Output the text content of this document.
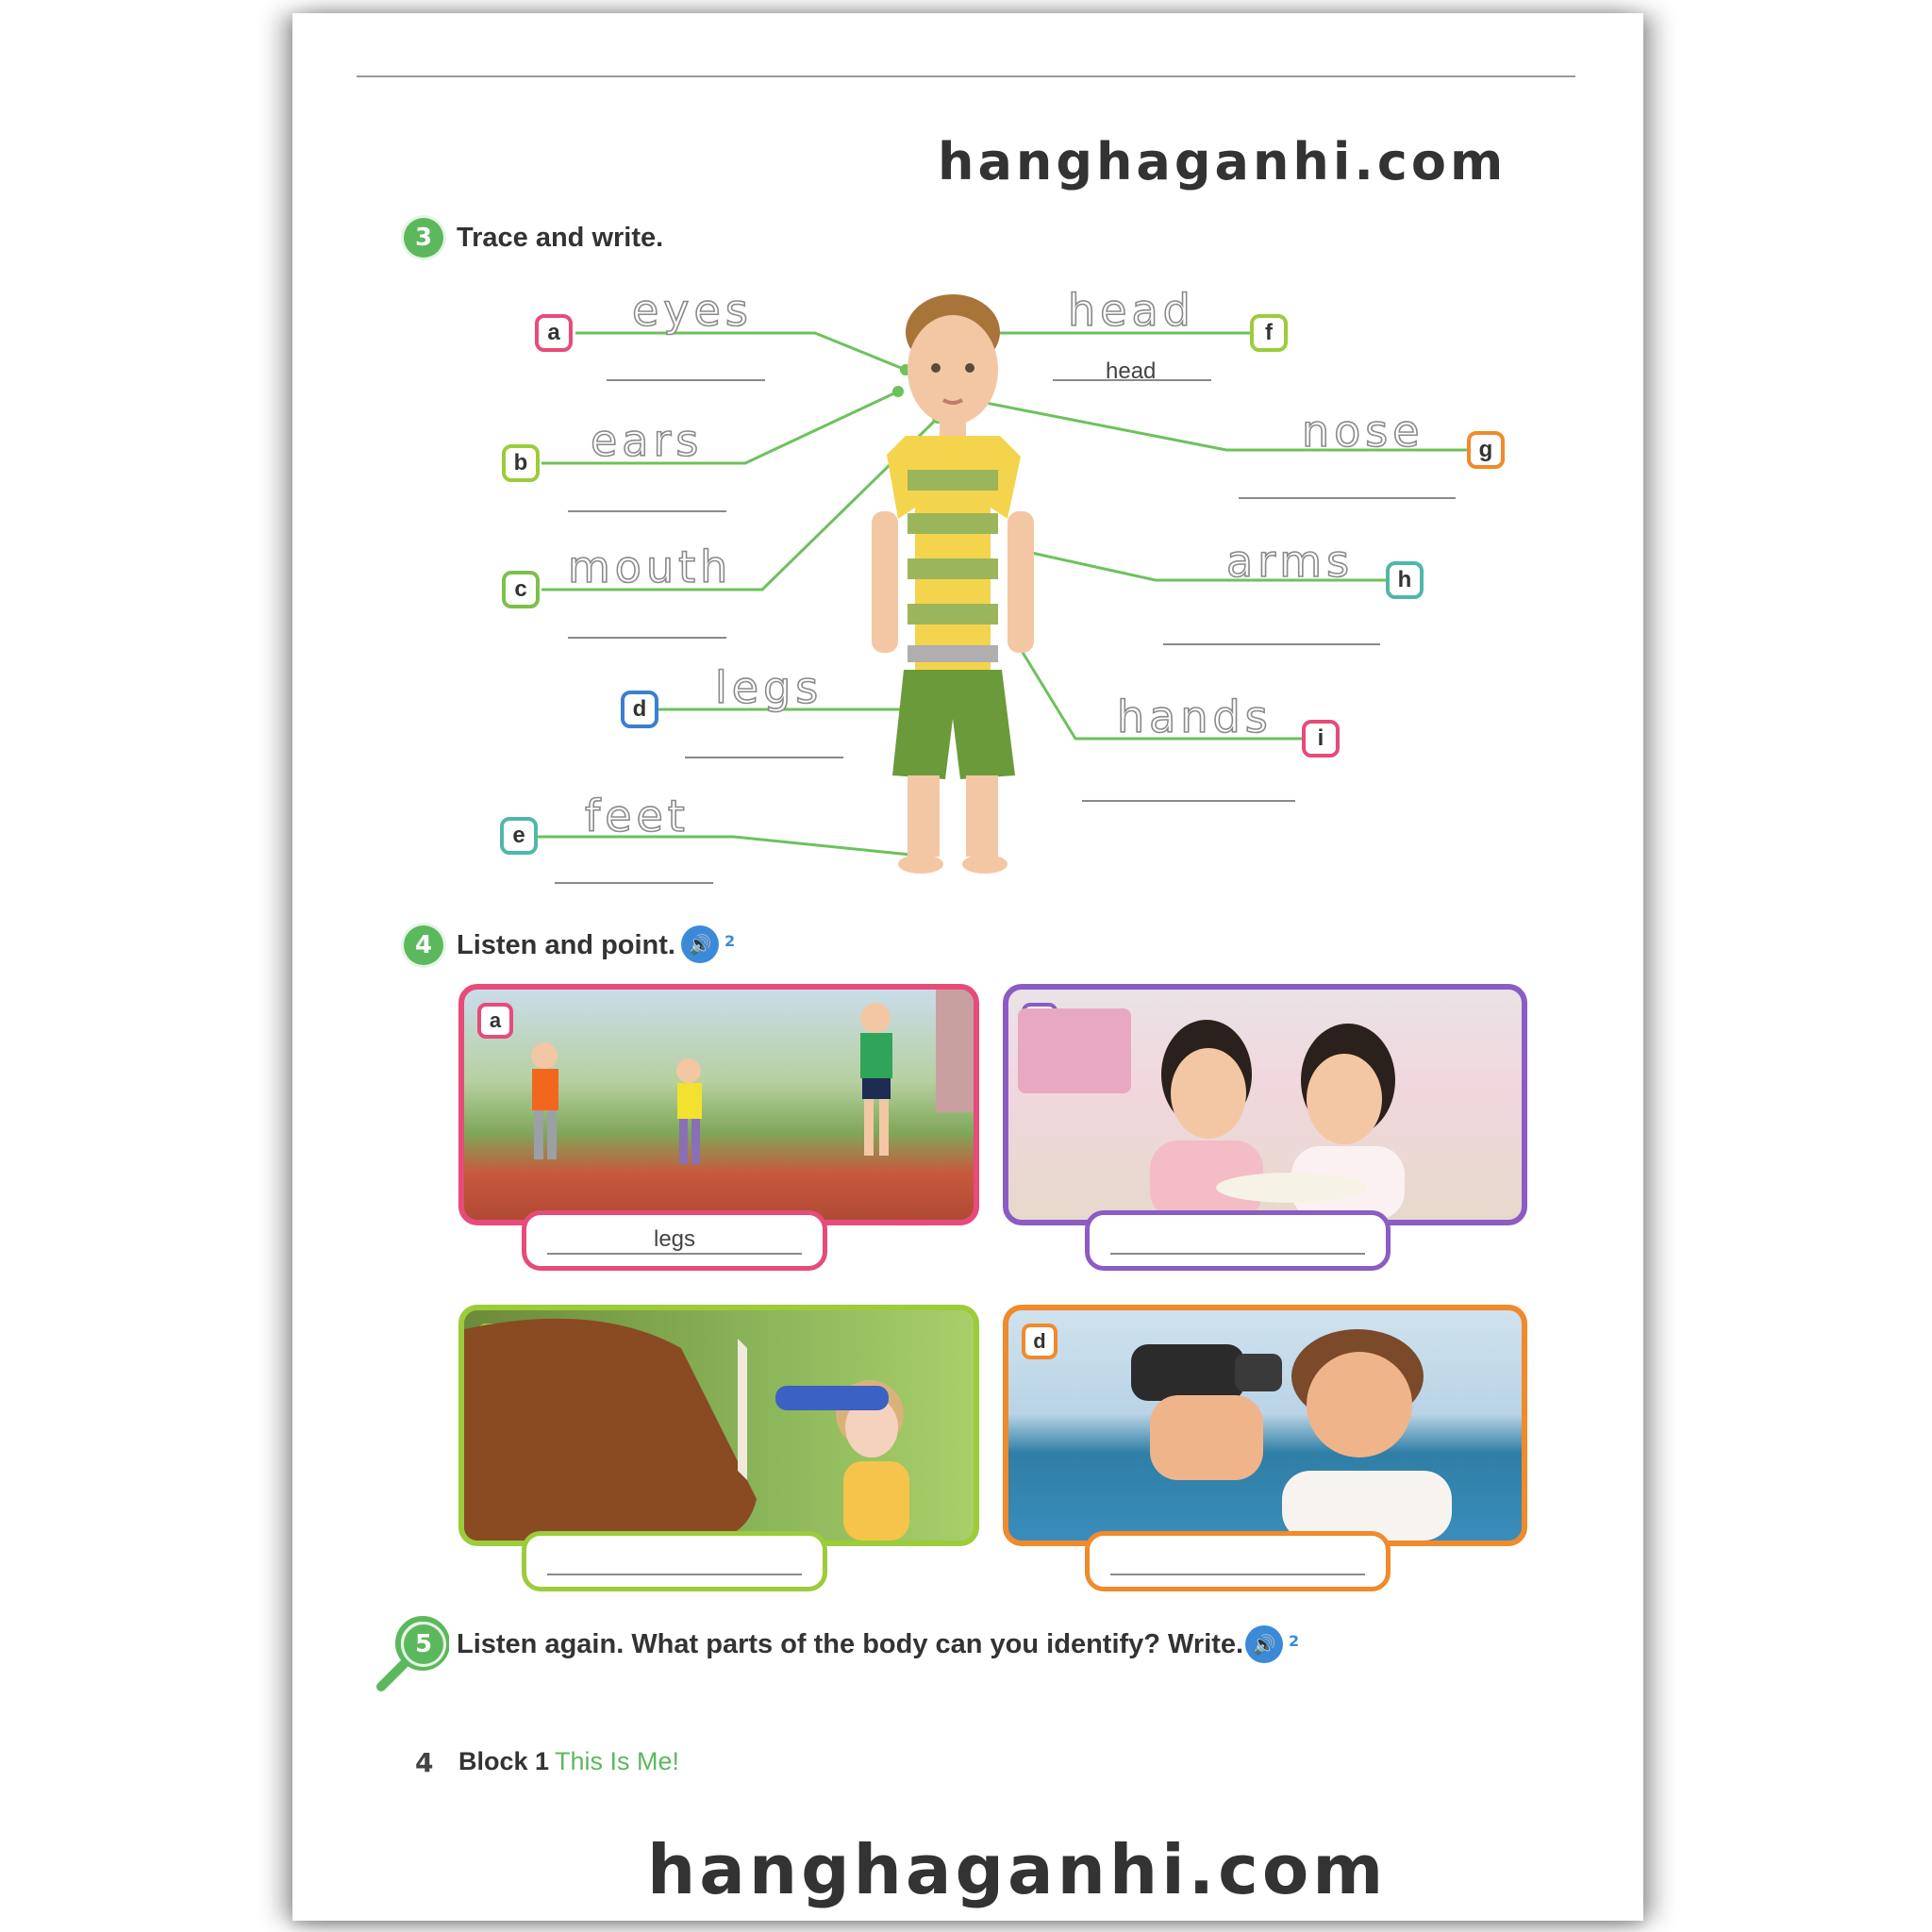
hanghaganhi.com
3 Trace and write.
a eyes
b ears
c mouth
d legs
e feet
f
head
head
g
nose
h
arms
i
hands
4 Listen and point. 🔊 2
a
legs
d
5 Listen again. What parts of the body can you identify? Write. 🔊 2
4 Block 1 This Is Me!
hanghaganhi.com
